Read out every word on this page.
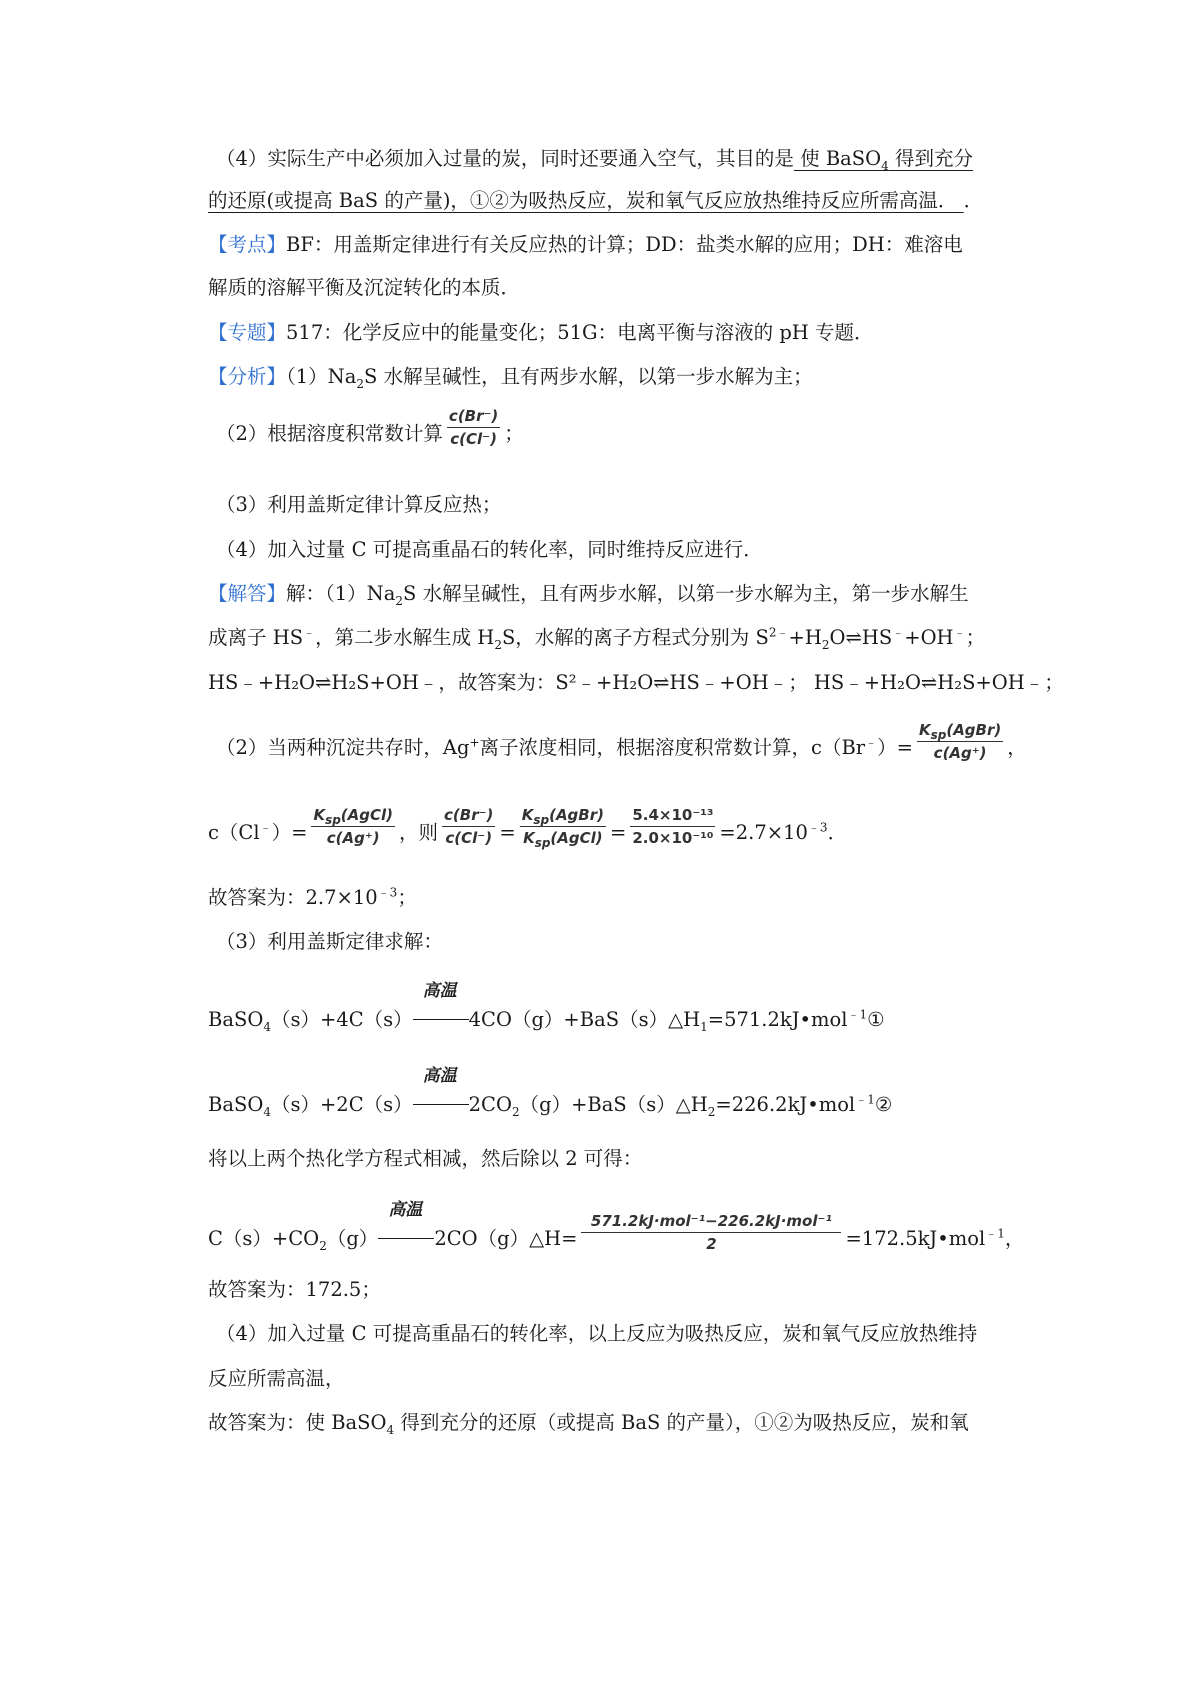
（4）实际生产中必须加入过量的炭，同时还要通入空气，其目的是 使 BaSO$_4$ 得到充分
的还原(或提高 BaS 的产量)，①②为吸热反应，炭和氧气反应放热维持反应所需高温． ．
【考点】BF：用盖斯定律进行有关反应热的计算；DD：盐类水解的应用；DH：难溶电
解质的溶解平衡及沉淀转化的本质．
【专题】517：化学反应中的能量变化；51G：电离平衡与溶液的 pH 专题．
【分析】$(1)Na_2S$ 水解呈碱性，且有两步水解，以第一步水解为主；
（2）根据溶度积常数计算 $\frac{c(Br^-)}{c(Cl^-)}$ ；
（3）利用盖斯定律计算反应热；
（4）加入过量 C 可提高重晶石的转化率，同时维持反应进行．
【解答】解：$(1)Na_2S$ 水解呈碱性，且有两步水解，以第一步水解为主，第一步水解生
成离子 HS﹣，第二步水解生成 $H_2S$，水解的离子方程式分别为 $S^{2﹣}+H_2O\rightleftharpoons HS^﹣+OH^﹣$；
HS﹣+H₂O⇌H₂S+OH﹣，故答案为：S²﹣+H₂O⇌HS﹣+OH﹣； HS﹣+H₂O⇌H₂S+OH﹣；
（2）当两种沉淀共存时，Ag+离子浓度相同，根据溶度积常数计算，$c(Br^﹣)= \frac{K_{sp}(AgBr)}{c(Ag^+)}$ ，
$c(Cl^﹣)= \frac{K_{sp}(AgCl)}{c(Ag^+)}$ ，则 $\frac{c(Br^-)}{c(Cl^-)} = \frac{K_{sp}(AgBr)}{K_{sp}(AgCl)} = \frac{\text{5.4×10⁻¹³}}{\text{2.0×10⁻¹⁰}} =2.7\times 10^{﹣3}$．
故答案为：$2.7\times 10^{﹣3}$；
（3）利用盖斯定律求解：
BaSO$_4$（s）+4C（s）
高温
$4CO(g)+BaS(s)\triangle H_1=571.2kJ•mol^{﹣1}①$
BaSO$_4$（s）+2C（s）
高温
$2CO_2(g)+BaS(s)\triangle H_2=226.2kJ•mol^{﹣1}②$
将以上两个热化学方程式相减，然后除以 2 可得：
$C(s)+CO_2(g)$
高温
2CO（g）△H= $\frac{\text{571.2kJ·mol⁻¹−226.2kJ·mol⁻¹}}{2}$ =172.5kJ•mol$^{﹣1}$，
故答案为：172.5；
（4）加入过量 C 可提高重晶石的转化率，以上反应为吸热反应，炭和氧气反应放热维持
反应所需高温，
故答案为：使 BaSO$_4$ 得到充分的还原（或提高 BaS 的产量），①②为吸热反应，炭和氧
